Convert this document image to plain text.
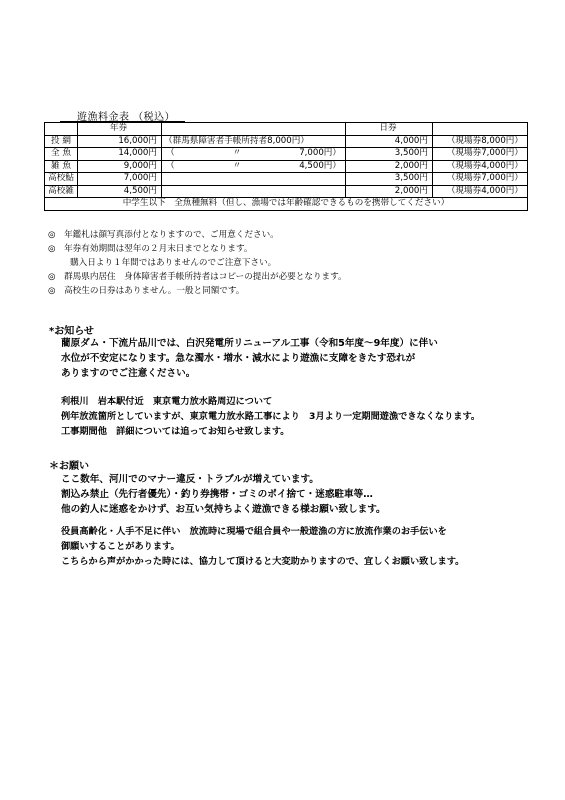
遊漁料金表 （税込）
	年券		日券	
投 網	16,000円	（群馬県障害者手帳所持者8,000円）	4,000円	（現場券8,000円）
全 魚	14,000円	（ 〃 7,000円）	3,500円	（現場券7,000円）
雑 魚	9,000円	（ 〃 4,500円）	2,000円	（現場券4,000円）
高校鮎	7,000円		3,500円	（現場券7,000円）
高校雑	4,500円		2,000円	（現場券4,000円）
中学生以下　全魚種無料（但し、漁場では年齢確認できるものを携帯してください）				
◎　年鑑札は顔写真添付となりますので、ご用意ください。
◎　年券有効期間は翌年の２月末日までとなります。
購入日より１年間ではありませんのでご注意下さい。
◎　群馬県内居住　身体障害者手帳所持者はコピーの提出が必要となります。
◎　高校生の日券はありません。一般と同額です。
*お知らせ
藺原ダム・下流片品川では、白沢発電所リニューアル工事（令和5年度～9年度）に伴い
水位が不安定になります。急な濁水・増水・減水により遊漁に支障をきたす恐れが
ありますのでご注意ください。
利根川　岩本駅付近　東京電力放水路周辺について
例年放流箇所としていますが、東京電力放水路工事により　3月より一定期間遊漁できなくなります。
工事期間他　詳細については追ってお知らせ致します。
＊お願い
ここ数年、河川でのマナー違反・トラブルが増えています。
割込み禁止（先行者優先）・釣り券携帯・ゴミのポイ捨て・迷惑駐車等…
他の釣人に迷惑をかけず、お互い気持ちよく遊漁できる様お願い致します。
役員高齢化・人手不足に伴い　放流時に現場で組合員や一般遊漁の方に放流作業のお手伝いを
御願いすることがあります。
こちらから声がかかった時には、協力して頂けると大変助かりますので、宜しくお願い致します。
